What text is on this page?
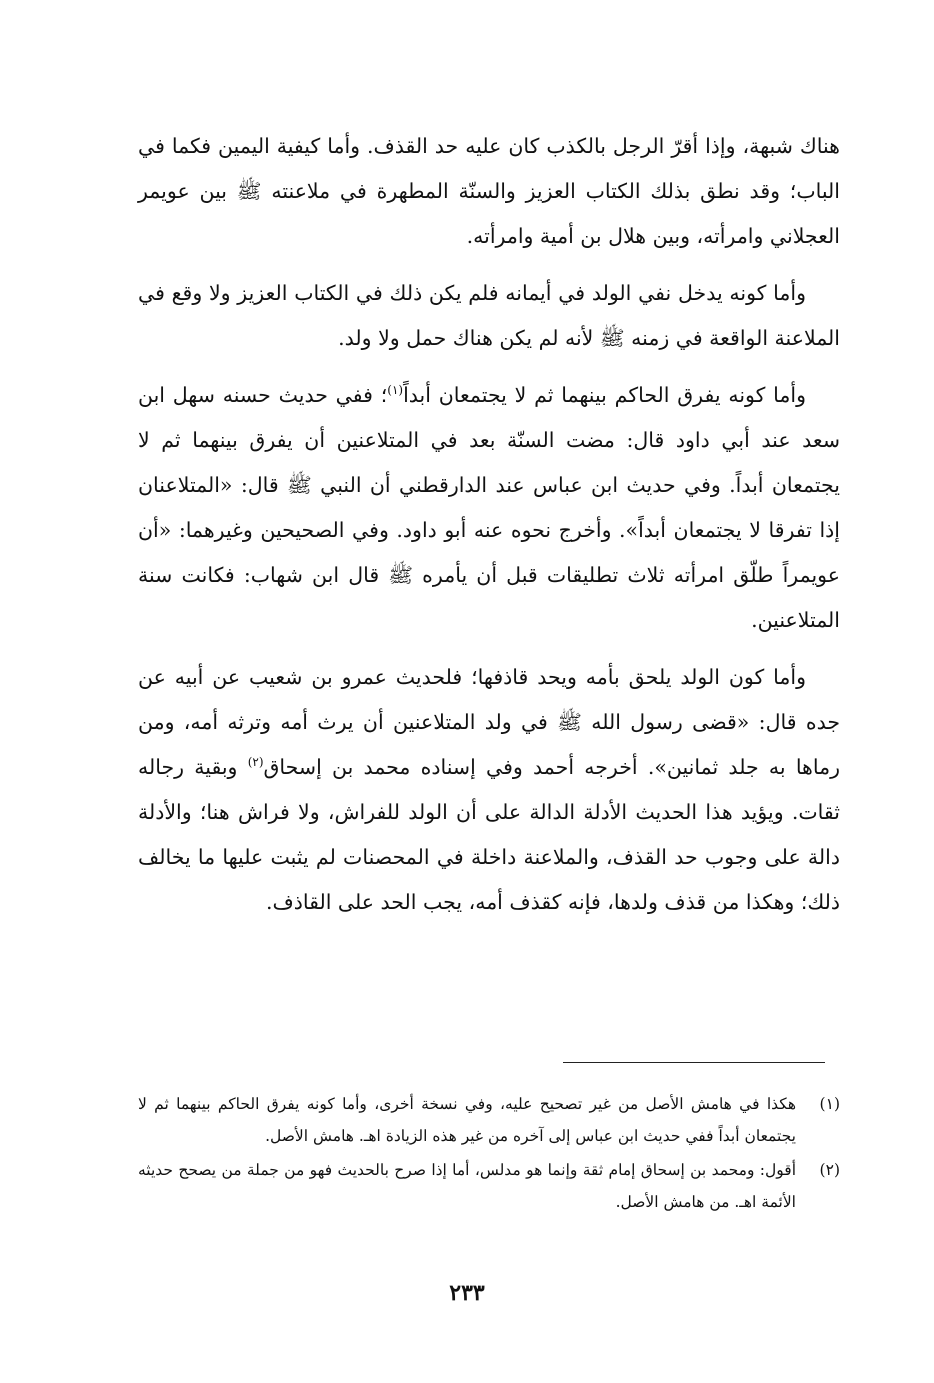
هناك شبهة، وإذا أقرّ الرجل بالكذب كان عليه حد القذف. وأما كيفية اليمين فكما في الباب؛ وقد نطق بذلك الكتاب العزيز والسنّة المطهرة في ملاعنته ﷺ بين عويمر العجلاني وامرأته، وبين هلال بن أمية وامرأته.

وأما كونه يدخل نفي الولد في أيمانه فلم يكن ذلك في الكتاب العزيز ولا وقع في الملاعنة الواقعة في زمنه ﷺ لأنه لم يكن هناك حمل ولا ولد.

وأما كونه يفرق الحاكم بينهما ثم لا يجتمعان أبداً$^{(١)}$؛ ففي حديث حسنه سهل ابن سعد عند أبي داود قال: مضت السنّة بعد في المتلاعنين أن يفرق بينهما ثم لا يجتمعان أبداً. وفي حديث ابن عباس عند الدارقطني أن النبي ﷺ قال: «المتلاعنان إذا تفرقا لا يجتمعان أبداً». وأخرج نحوه عنه أبو داود. وفي الصحيحين وغيرهما: «أن عويمراً طلّق امرأته ثلاث تطليقات قبل أن يأمره ﷺ قال ابن شهاب: فكانت سنة المتلاعنين.

وأما كون الولد يلحق بأمه ويحد قاذفها؛ فلحديث عمرو بن شعيب عن أبيه عن جده قال: «قضى رسول الله ﷺ في ولد المتلاعنين أن يرث أمه وترثه أمه، ومن رماها به جلد ثمانين». أخرجه أحمد وفي إسناده محمد بن إسحاق$^{(٢)}$ وبقية رجاله ثقات. ويؤيد هذا الحديث الأدلة الدالة على أن الولد للفراش، ولا فراش هنا؛ والأدلة دالة على وجوب حد القذف، والملاعنة داخلة في المحصنات لم يثبت عليها ما يخالف ذلك؛ وهكذا من قذف ولدها، فإنه كقذف أمه، يجب الحد على القاذف.

(١)
هكذا في هامش الأصل من غير تصحيح عليه، وفي نسخة أخرى، وأما كونه يفرق الحاكم بينهما ثم لا يجتمعان أبداً ففي حديث ابن عباس إلى آخره من غير هذه الزيادة اهـ. هامش الأصل.
(٢)
أقول: ومحمد بن إسحاق إمام ثقة وإنما هو مدلس، أما إذا صرح بالحديث فهو من جملة من يصحح حديثه الأئمة اهـ. من هامش الأصل.
٢٣٣
